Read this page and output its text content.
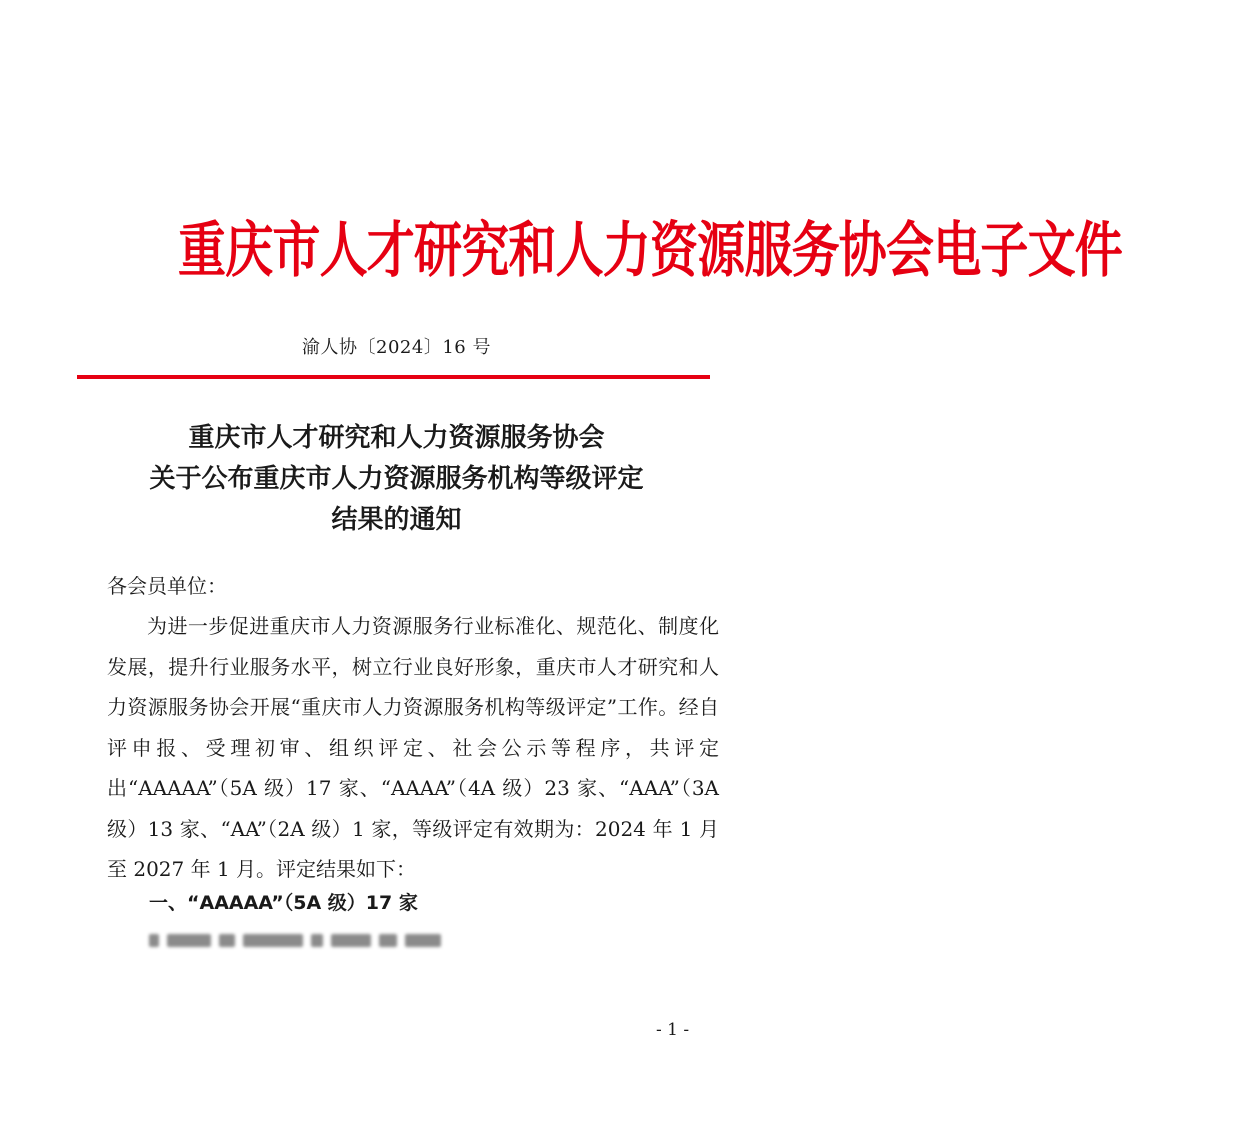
重庆市人才研究和人力资源服务协会电子文件
渝人协〔2024〕16 号
重庆市人才研究和人力资源服务协会
关于公布重庆市人力资源服务机构等级评定
结果的通知
各会员单位：
为进一步促进重庆市人力资源服务行业标准化、规范化、制度化发展，提升行业服务水平，树立行业良好形象，重庆市人才研究和人力资源服务协会开展“重庆市人力资源服务机构等级评定”工作。经自评申报、受理初审、组织评定、社会公示等程序，共评定出“AAAAA”（5A 级）17 家、“AAAA”（4A 级）23 家、“AAA”（3A 级）13 家、“AA”（2A 级）1 家，等级评定有效期为：2024 年 1 月至 2027 年 1 月。评定结果如下：
一、“AAAAA”（5A 级）17 家
- 1 -
